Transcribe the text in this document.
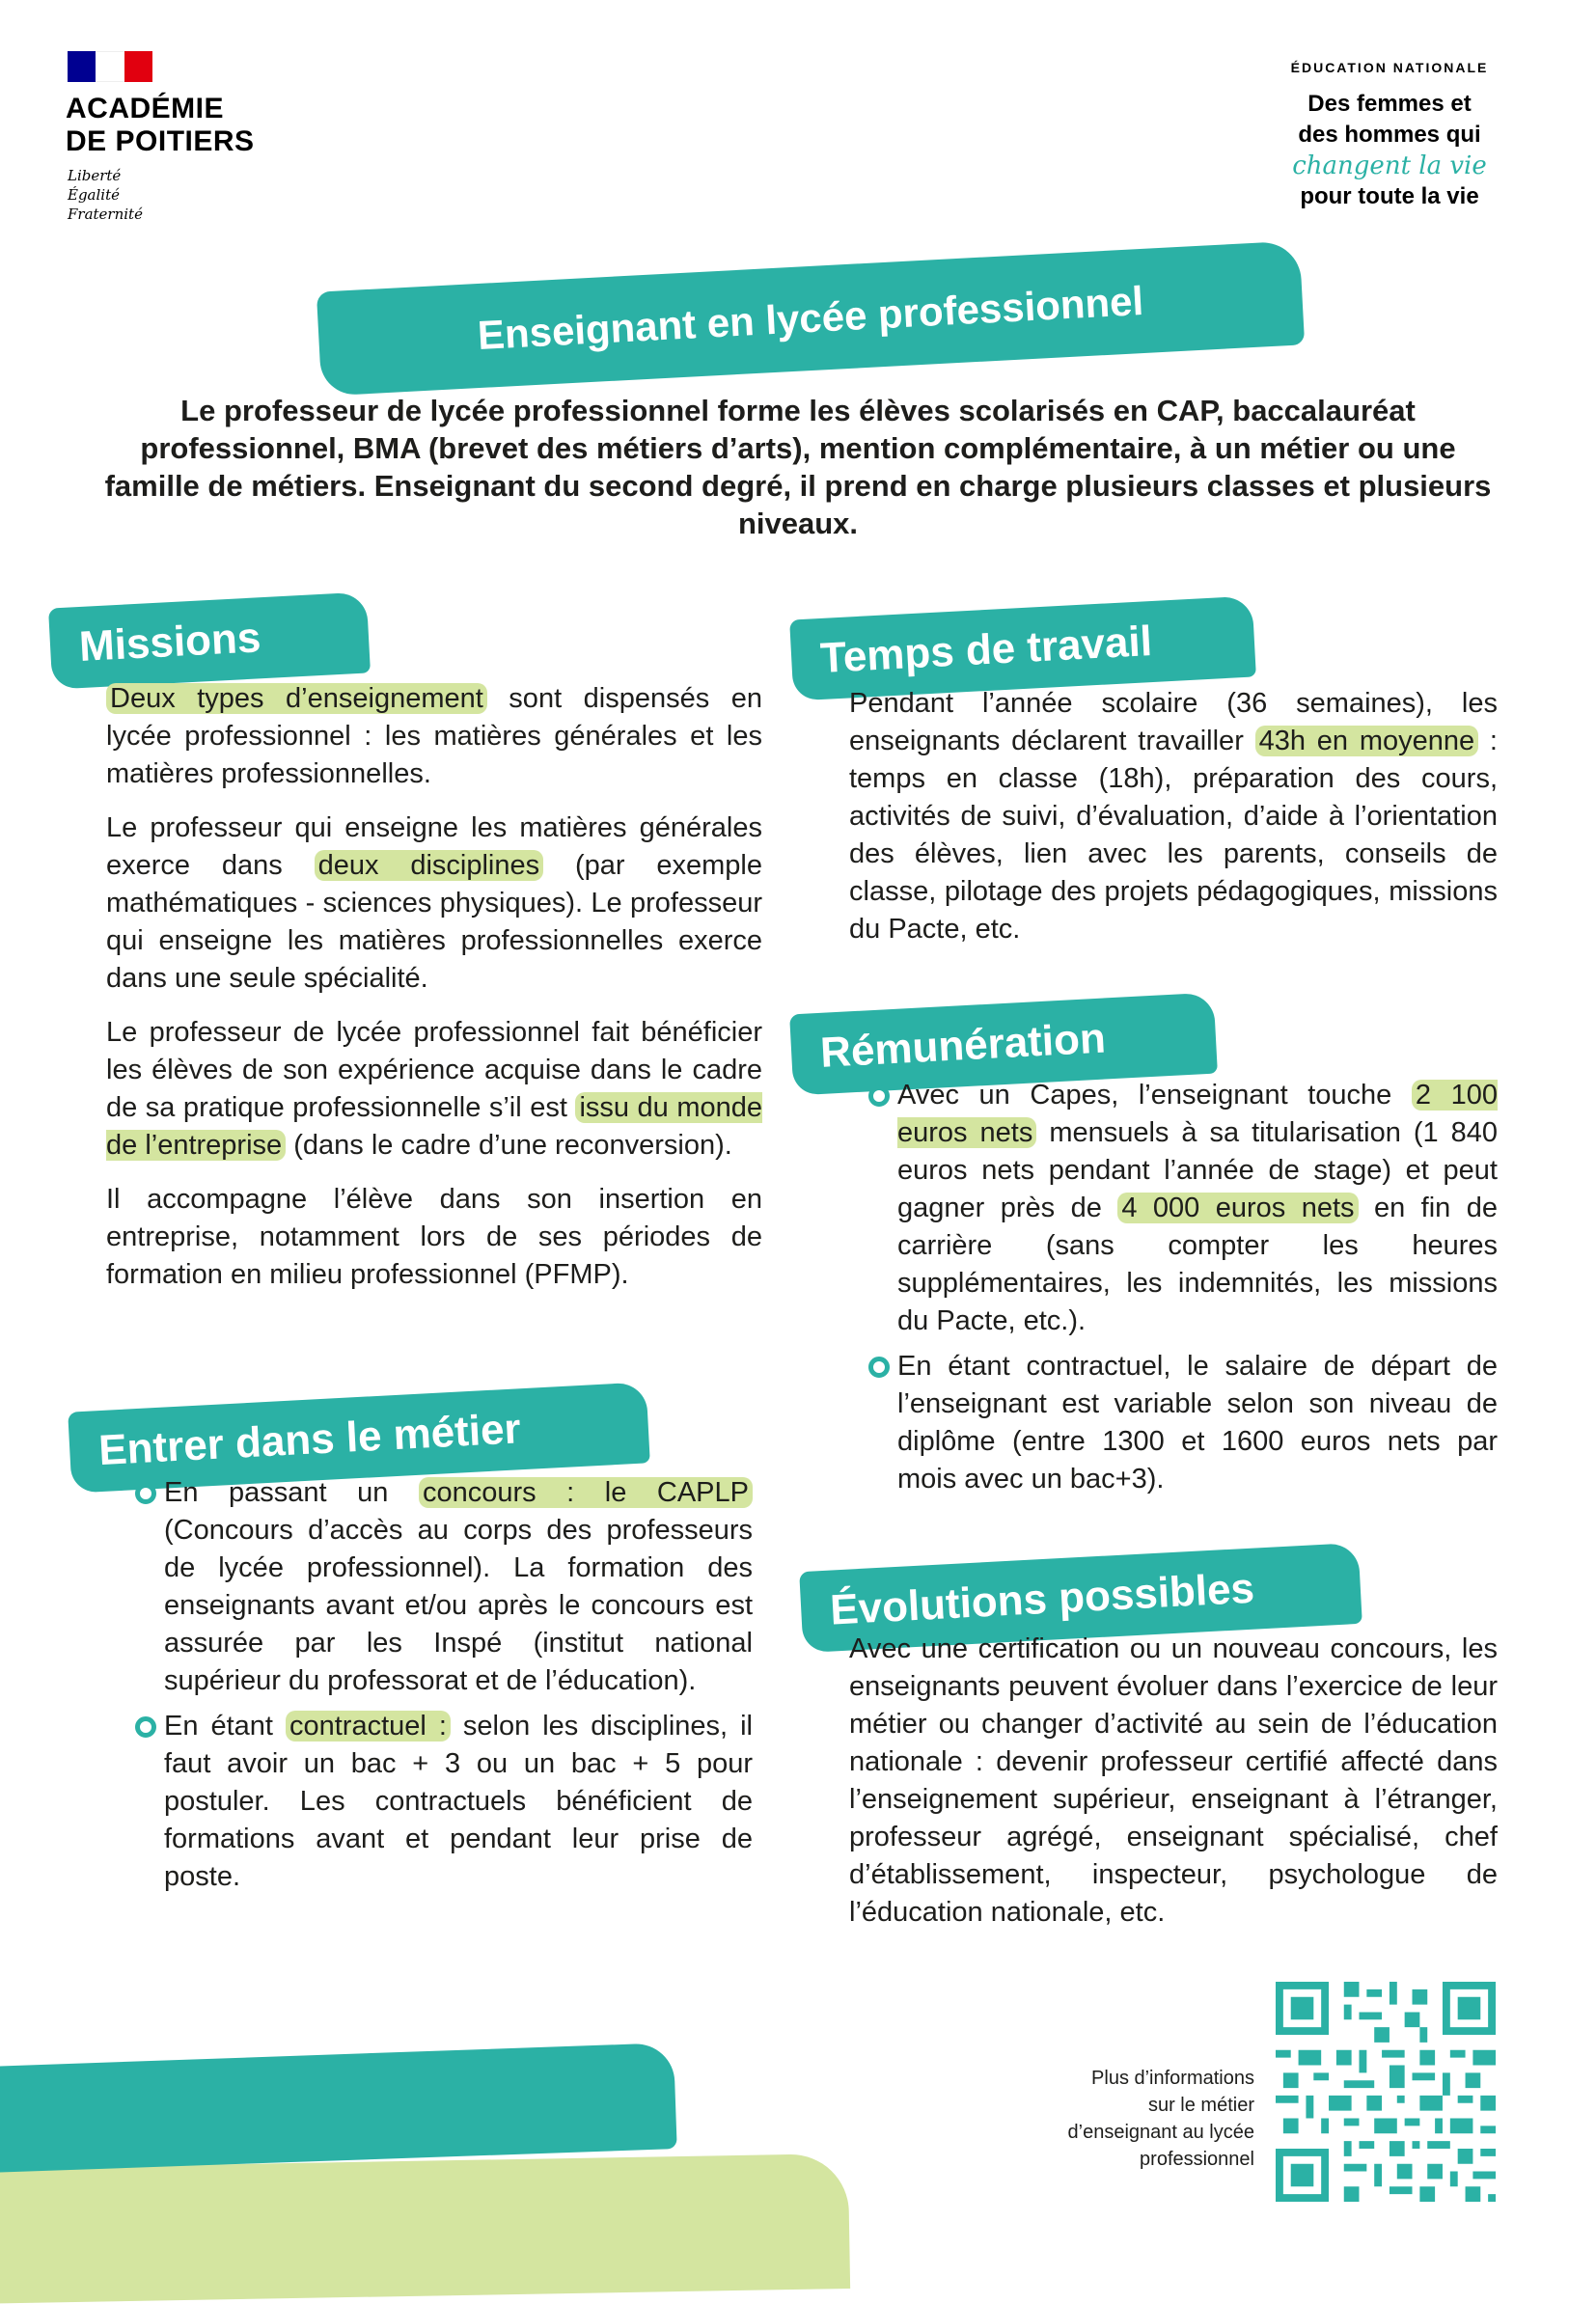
ACADÉMIE
DE POITIERS
Liberté
Égalité
Fraternité
ÉDUCATION NATIONALE
Des femmes et
des hommes qui
changent la vie
pour toute la vie
Enseignant en lycée professionnel
Le professeur de lycée professionnel forme les élèves scolarisés en CAP, baccalauréat professionnel, BMA (brevet des métiers d’arts), mention complémentaire, à un métier ou une famille de métiers. Enseignant du second degré, il prend en charge plusieurs classes et plusieurs niveaux.
Missions

Deux types d’enseignement sont dispensés en lycée professionnel : les matières générales et les matières professionnelles.

Le professeur qui enseigne les matières générales exerce dans deux disciplines (par exemple mathématiques - sciences physiques). Le professeur qui enseigne les matières professionnelles exerce dans une seule spécialité.

Le professeur de lycée professionnel fait bénéficier les élèves de son expérience acquise dans le cadre de sa pratique professionnelle s’il est issu du monde de l’entreprise (dans le cadre d’une reconversion).

Il accompagne l’élève dans son insertion en entreprise, notamment lors de ses périodes de formation en milieu professionnel (PFMP).

Entrer dans le métier
En passant un concours : le CAPLP (Concours d’accès au corps des professeurs de lycée professionnel). La formation des enseignants avant et/ou après le concours est assurée par les Inspé (institut national supérieur du professorat et de l’éducation).
En étant contractuel : selon les disciplines, il faut avoir un bac + 3 ou un bac + 5 pour postuler. Les contractuels bénéficient de formations avant et pendant leur prise de poste.
Temps de travail
Pendant l’année scolaire (36 semaines), les enseignants déclarent travailler 43h en moyenne : temps en classe (18h), préparation des cours, activités de suivi, d’évaluation, d’aide à l’orientation des élèves, lien avec les parents, conseils de classe, pilotage des projets pédagogiques, missions du Pacte, etc.
Rémunération
Avec un Capes, l’enseignant touche 2 100 euros nets mensuels à sa titularisation (1 840 euros nets pendant l’année de stage) et peut gagner près de 4 000 euros nets en fin de carrière (sans compter les heures supplémentaires, les indemnités, les missions du Pacte, etc.).
En étant contractuel, le salaire de départ de l’enseignant est variable selon son niveau de diplôme (entre 1300 et 1600 euros nets par mois avec un bac+3).
Évolutions possibles
Avec une certification ou un nouveau concours, les enseignants peuvent évoluer dans l’exercice de leur métier ou changer d’activité au sein de l’éducation nationale : devenir professeur certifié affecté dans l’enseignement supérieur, enseignant à l’étranger, professeur agrégé, enseignant spécialisé, chef d’établissement, inspecteur, psychologue de l’éducation nationale, etc.
Plus d’informations
sur le métier
d’enseignant au lycée
professionnel
